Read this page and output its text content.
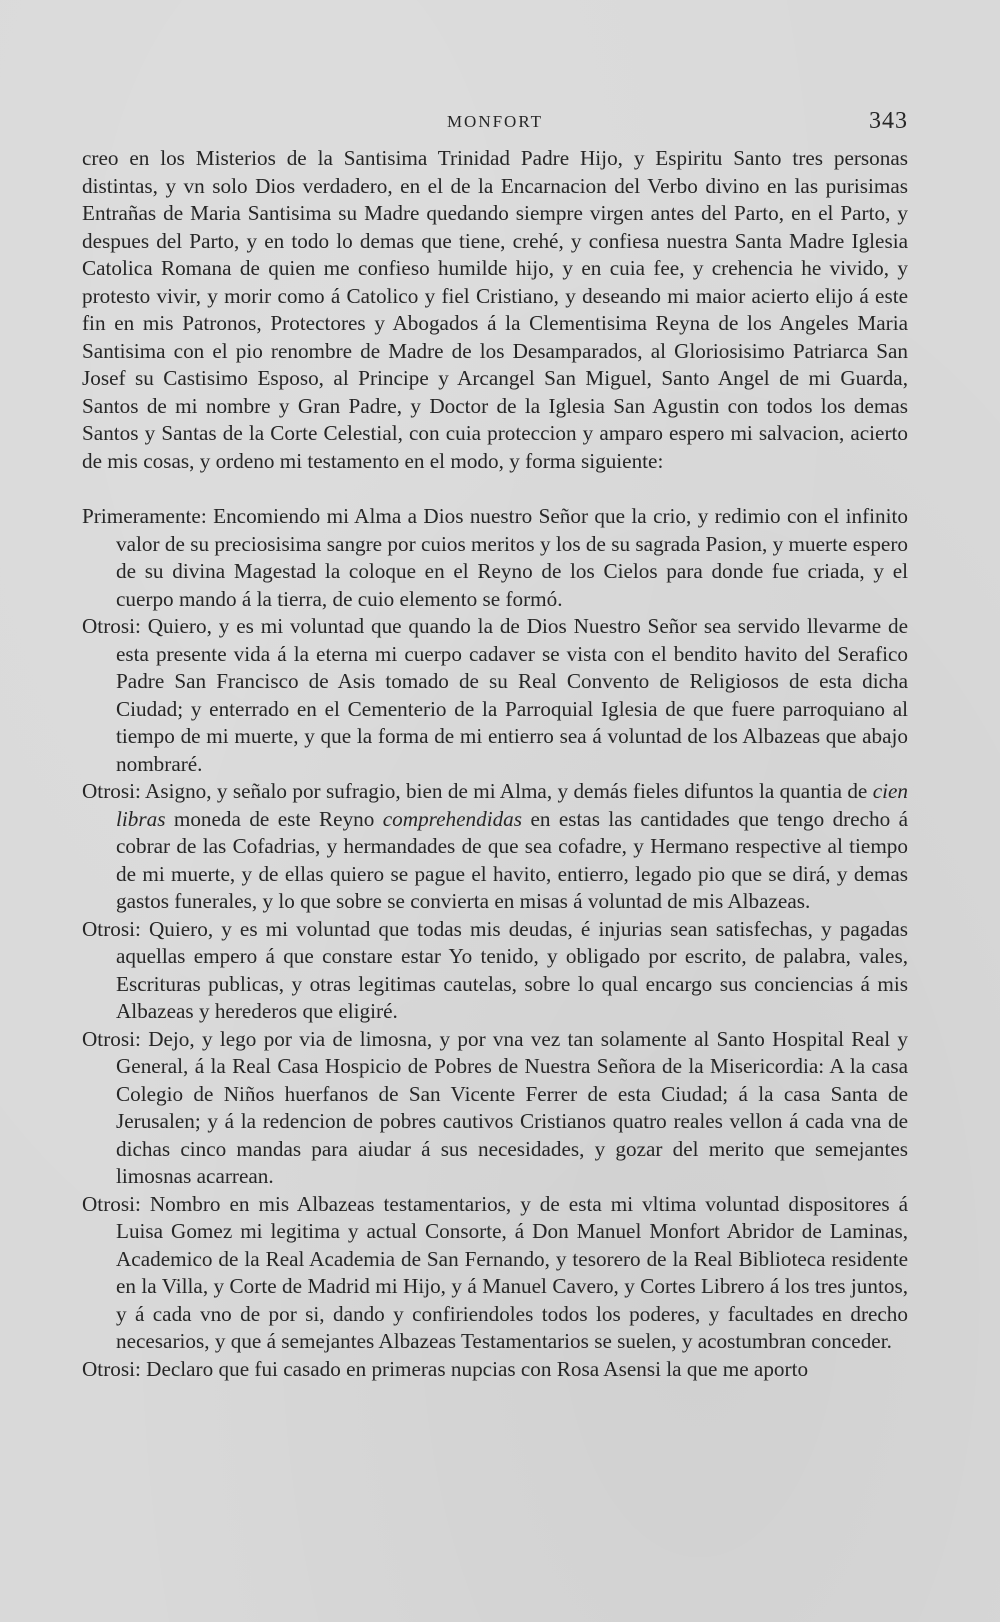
MONFORT	343

creo en los Misterios de la Santisima Trinidad Padre Hijo, y Espiritu Santo tres personas distintas, y vn solo Dios verdadero, en el de la Encarnacion del Verbo divino en las purisimas Entrañas de Maria Santisima su Madre quedando siempre virgen antes del Parto, en el Parto, y despues del Parto, y en todo lo demas que tiene, crehé, y confiesa nuestra Santa Madre Iglesia Catolica Romana de quien me confieso humilde hijo, y en cuia fee, y crehencia he vivido, y protesto vivir, y morir como á Catolico y fiel Cristiano, y deseando mi maior acierto elijo á este fin en mis Patronos, Protectores y Abogados á la Clementisima Reyna de los Angeles Maria Santisima con el pio renombre de Madre de los Desamparados, al Gloriosisimo Patriarca San Josef su Castisimo Esposo, al Principe y Arcangel San Miguel, Santo Angel de mi Guarda, Santos de mi nombre y Gran Padre, y Doctor de la Iglesia San Agustin con todos los demas Santos y Santas de la Corte Celestial, con cuia proteccion y amparo espero mi salvacion, acierto de mis cosas, y ordeno mi testamento en el modo, y forma siguiente:

Primeramente: Encomiendo mi Alma a Dios nuestro Señor que la crio, y redimio con el infinito valor de su preciosisima sangre por cuios meritos y los de su sagrada Pasion, y muerte espero de su divina Magestad la coloque en el Reyno de los Cielos para donde fue criada, y el cuerpo mando á la tierra, de cuio elemento se formó.

Otrosi: Quiero, y es mi voluntad que quando la de Dios Nuestro Señor sea servido llevarme de esta presente vida á la eterna mi cuerpo cadaver se vista con el bendito havito del Serafico Padre San Francisco de Asis tomado de su Real Convento de Religiosos de esta dicha Ciudad; y enterrado en el Cementerio de la Parroquial Iglesia de que fuere parroquiano al tiempo de mi muerte, y que la forma de mi entierro sea á voluntad de los Albazeas que abajo nombraré.

Otrosi: Asigno, y señalo por sufragio, bien de mi Alma, y demás fieles difuntos la quantia de cien libras moneda de este Reyno comprehendidas en estas las cantidades que tengo drecho á cobrar de las Cofadrias, y hermandades de que sea cofadre, y Hermano respective al tiempo de mi muerte, y de ellas quiero se pague el havito, entierro, legado pio que se dirá, y demas gastos funerales, y lo que sobre se convierta en misas á voluntad de mis Albazeas.

Otrosi: Quiero, y es mi voluntad que todas mis deudas, é injurias sean satisfechas, y pagadas aquellas empero á que constare estar Yo tenido, y obligado por escrito, de palabra, vales, Escrituras publicas, y otras legitimas cautelas, sobre lo qual encargo sus conciencias á mis Albazeas y herederos que eligiré.

Otrosi: Dejo, y lego por via de limosna, y por vna vez tan solamente al Santo Hospital Real y General, á la Real Casa Hospicio de Pobres de Nuestra Señora de la Misericordia: A la casa Colegio de Niños huerfanos de San Vicente Ferrer de esta Ciudad; á la casa Santa de Jerusalen; y á la redencion de pobres cautivos Cristianos quatro reales vellon á cada vna de dichas cinco mandas para aiudar á sus necesidades, y gozar del merito que semejantes limosnas acarrean.

Otrosi: Nombro en mis Albazeas testamentarios, y de esta mi vltima voluntad dispositores á Luisa Gomez mi legitima y actual Consorte, á Don Manuel Monfort Abridor de Laminas, Academico de la Real Academia de San Fernando, y tesorero de la Real Biblioteca residente en la Villa, y Corte de Madrid mi Hijo, y á Manuel Cavero, y Cortes Librero á los tres juntos, y á cada vno de por si, dando y confiriendoles todos los poderes, y facultades en drecho necesarios, y que á semejantes Albazeas Testamentarios se suelen, y acostumbran conceder.

Otrosi: Declaro que fui casado en primeras nupcias con Rosa Asensi la que me aporto
